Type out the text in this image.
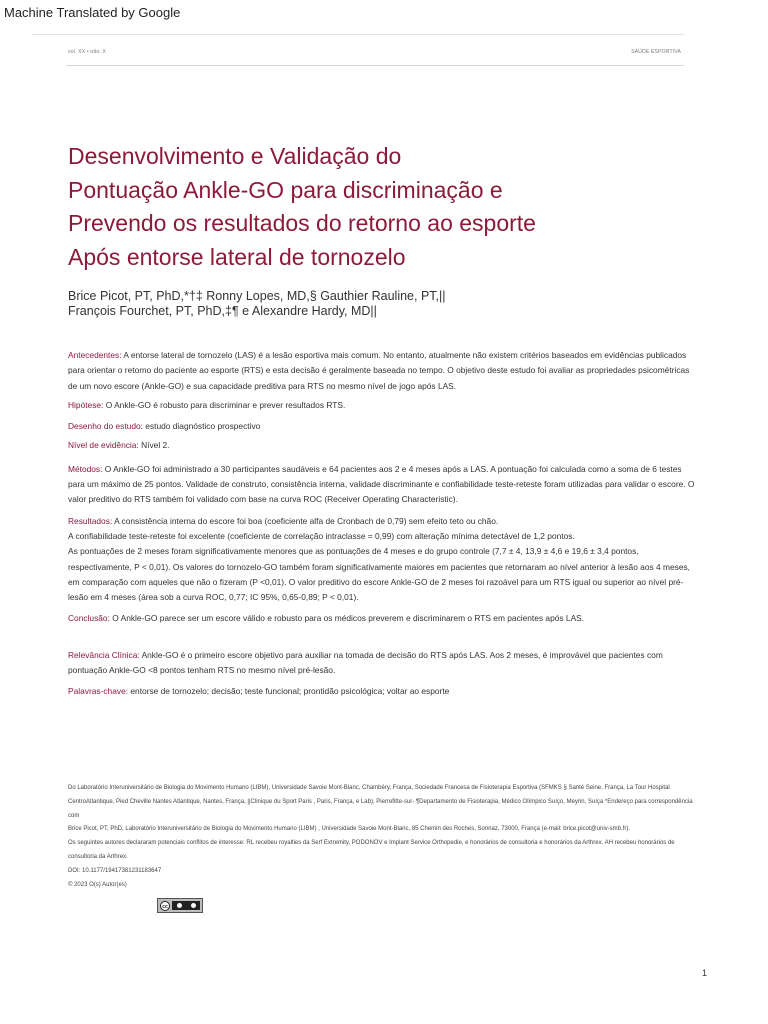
Machine Translated by Google
vol. XX • não. X	SAÚDE ESPORTIVA
Desenvolvimento e Validação do
Pontuação Ankle-GO para discriminação e
Prevendo os resultados do retorno ao esporte
Após entorse lateral de tornozelo
Brice Picot, PT, PhD,*†‡ Ronny Lopes, MD,§ Gauthier Rauline, PT,||
François Fourchet, PT, PhD,‡¶ e Alexandre Hardy, MD||

Antecedentes: A entorse lateral de tornozelo (LAS) é a lesão esportiva mais comum. No entanto, atualmente não existem critérios baseados em evidências publicados para orientar o retorno do paciente ao esporte (RTS) e esta decisão é geralmente baseada no tempo. O objetivo deste estudo foi avaliar as propriedades psicométricas de um novo escore (Ankle-GO) e sua capacidade preditiva para RTS no mesmo nível de jogo após LAS.

Hipótese: O Ankle-GO é robusto para discriminar e prever resultados RTS.

Desenho do estudo: estudo diagnóstico prospectivo

Nível de evidência: Nível 2.

Métodos: O Ankle-GO foi administrado a 30 participantes saudáveis e 64 pacientes aos 2 e 4 meses após a LAS. A pontuação foi calculada como a soma de 6 testes para um máximo de 25 pontos. Validade de construto, consistência interna, validade discriminante e confiabilidade teste-reteste foram utilizadas para validar o escore. O valor preditivo do RTS também foi validado com base na curva ROC (Receiver Operating Characteristic).

Resultados: A consistência interna do escore foi boa (coeficiente alfa de Cronbach de 0,79) sem efeito teto ou chão.
A confiabilidade teste-reteste foi excelente (coeficiente de correlação intraclasse = 0,99) com alteração mínima detectável de 1,2 pontos.
As pontuações de 2 meses foram significativamente menores que as pontuações de 4 meses e do grupo controle (7,7 ± 4, 13,9 ± 4,6 e 19,6 ± 3,4 pontos, respectivamente, P < 0,01). Os valores do tornozelo-GO também foram significativamente maiores em pacientes que retornaram ao nível anterior à lesão aos 4 meses, em comparação com aqueles que não o fizeram (P <0,01). O valor preditivo do escore Ankle-GO de 2 meses foi razoável para um RTS igual ou superior ao nível pré-lesão em 4 meses (área sob a curva ROC, 0,77; IC 95%, 0,65-0,89; P < 0,01).

Conclusão: O Ankle-GO parece ser um escore válido e robusto para os médicos preverem e discriminarem o RTS em pacientes após LAS.

Relevância Clínica: Ankle-GO é o primeiro escore objetivo para auxiliar na tomada de decisão do RTS após LAS. Aos 2 meses, é improvável que pacientes com pontuação Ankle-GO <8 pontos tenham RTS no mesmo nível pré-lesão.

Palavras-chave: entorse de tornozelo; decisão; teste funcional; prontidão psicológica; voltar ao esporte

Do Laboratório Interuniversitário de Biologia do Movimento Humano (LIBM), Universidade Savoie Mont-Blanc, Chambéry, França, Sociedade Francesa de Fisioterapia Esportiva (SFMKS § Santé Seine, França, La Tour Hospital CentroAtlantique, Pied Cheville Nantes Atlantique, Nantes, França, ||Clinique du Sport Paris , Paris, França, e Lab), Pierrefitte-sur- ¶Departamento de Fisioterapia, Médico Olímpico Suíço, Meyrin, Suíça *Endereço para correspondência com

Brice Picot, PT, PhD, Laboratório Interuniversitário de Biologia do Movimento Humano (LIBM) , Universidade Savoie Mont-Blanc, 85 Chemin des Roches, Sonnaz, 73000, França (e-mail: brice.picot@univ-smb.fr).

Os seguintes autores declararam potenciais conflitos de interesse: RL recebeu royalties da Serf Extremity, PODONOV e Implant Service Orthopedie, e honorários de consultoria e honorários da Arthrex. AH recebeu honorários de consultoria da Arthrex.

DOI: 10.1177/19417381231183647

© 2023 O(s) Autor(es)

cc
1
